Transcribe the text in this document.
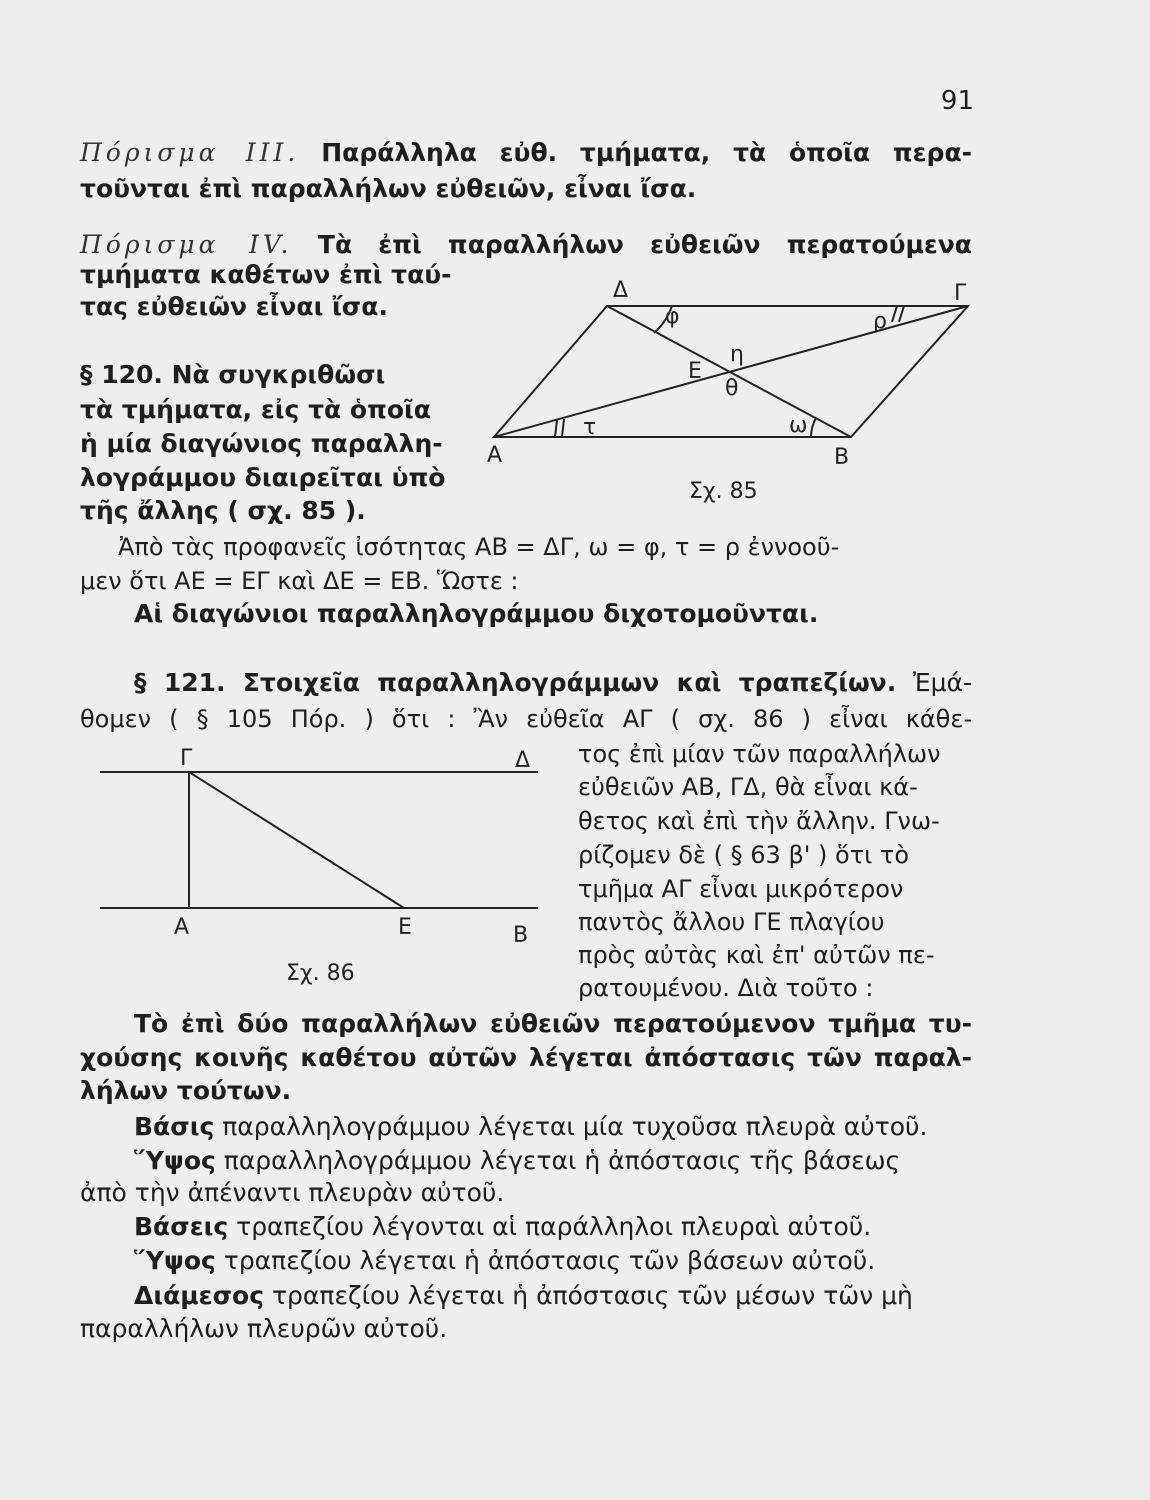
91
Πόρισμα III. Παράλληλα εὐθ. τμήματα, τὰ ὁποῖα περα-
τοῦνται ἐπὶ παραλλήλων εὐθειῶν, εἶναι ἴσα.
Πόρισμα IV. Τὰ ἐπὶ παραλλήλων εὐθειῶν περατούμενα
τμήματα καθέτων ἐπὶ ταύ-
τας εὐθειῶν εἶναι ἴσα.
§ 120. Νὰ συγκριθῶσι
τὰ τμήματα, εἰς τὰ ὁποῖα
ἡ μία διαγώνιος παραλλη-
λογράμμου διαιρεῖται ὑπὸ
τῆς ἄλλης ( σχ. 85 ).
Ἀπὸ τὰς προφανεῖς ἰσότητας ΑΒ = ΔΓ, ω = φ, τ = ρ ἐννοοῦ-
μεν ὅτι ΑΕ = ΕΓ καὶ ΔΕ = ΕΒ. Ὥστε :
Αἱ διαγώνιοι παραλληλογράμμου διχοτομοῦνται.
§ 121. Στοιχεῖα παραλληλογράμμων καὶ τραπεζίων. Ἐμά-
θομεν ( § 105 Πόρ. ) ὅτι : Ἂν εὐθεῖα ΑΓ ( σχ. 86 ) εἶναι κάθε-
τος ἐπὶ μίαν τῶν παραλλήλων
εὐθειῶν ΑΒ, ΓΔ, θὰ εἶναι κά-
θετος καὶ ἐπὶ τὴν ἄλλην. Γνω-
ρίζομεν δὲ ( § 63 β' ) ὅτι τὸ
τμῆμα ΑΓ εἶναι μικρότερον
παντὸς ἄλλου ΓΕ πλαγίου
πρὸς αὐτὰς καὶ ἐπ' αὐτῶν πε-
ρατουμένου. Διὰ τοῦτο :
Τὸ ἐπὶ δύο παραλλήλων εὐθειῶν περατούμενον τμῆμα τυ-
χούσης κοινῆς καθέτου αὐτῶν λέγεται ἀπόστασις τῶν παραλ-
λήλων τούτων.
Βάσις παραλληλογράμμου λέγεται μία τυχοῦσα πλευρὰ αὐτοῦ.
Ὕψος παραλληλογράμμου λέγεται ἡ ἀπόστασις τῆς βάσεως
ἀπὸ τὴν ἀπέναντι πλευρὰν αὐτοῦ.
Βάσεις τραπεζίου λέγονται αἱ παράλληλοι πλευραὶ αὐτοῦ.
Ὕψος τραπεζίου λέγεται ἡ ἀπόστασις τῶν βάσεων αὐτοῦ.
Διάμεσος τραπεζίου λέγεται ἡ ἀπόστασις τῶν μέσων τῶν μὴ
παραλλήλων πλευρῶν αὐτοῦ.
Α	Β
Γ
Δ
Ε
φ	ρ
η
θ
τ	ω
Σχ. 85
Γ	Δ
Α	Ε	Β
Σχ. 86
